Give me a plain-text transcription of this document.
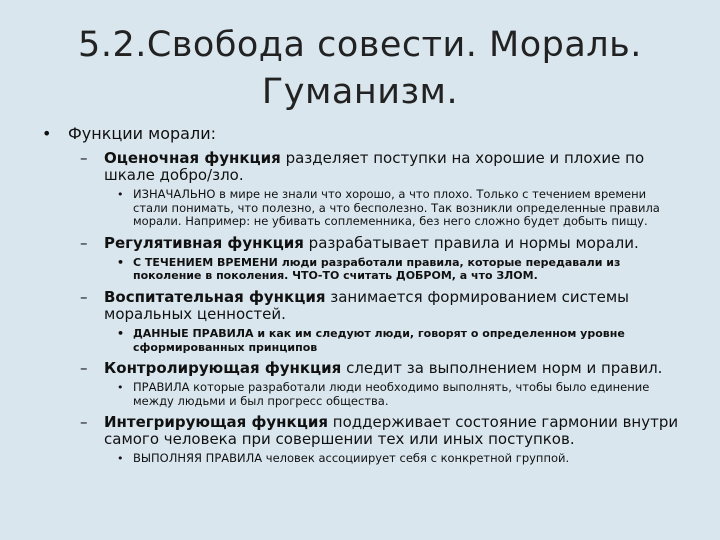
5.2.Свобода совести. Мораль.
Гуманизм.
• Функции морали:
– Оценочная функция разделяет поступки на хорошие и плохие по шкале добро/зло.
• ИЗНАЧАЛЬНО в мире не знали что хорошо, а что плохо. Только с течением времени стали понимать, что полезно, а что бесполезно. Так возникли определенные правила морали. Например: не убивать соплеменника, без него сложно будет добыть пищу.
– Регулятивная функция разрабатывает правила и нормы морали.
• С ТЕЧЕНИЕМ ВРЕМЕНИ люди разработали правила, которые передавали из поколение в поколения. ЧТО-ТО считать ДОБРОМ, а что ЗЛОМ.
– Воспитательная функция занимается формированием системы моральных ценностей.
• ДАННЫЕ ПРАВИЛА и как им следуют люди, говорят о определенном уровне сформированных принципов
– Контролирующая функция следит за выполнением норм и правил.
• ПРАВИЛА которые разработали люди необходимо выполнять, чтобы было единение между людьми и был прогресс общества.
– Интегрирующая функция поддерживает состояние гармонии внутри самого человека при совершении тех или иных поступков.
• ВЫПОЛНЯЯ ПРАВИЛА человек ассоциирует себя с конкретной группой.
